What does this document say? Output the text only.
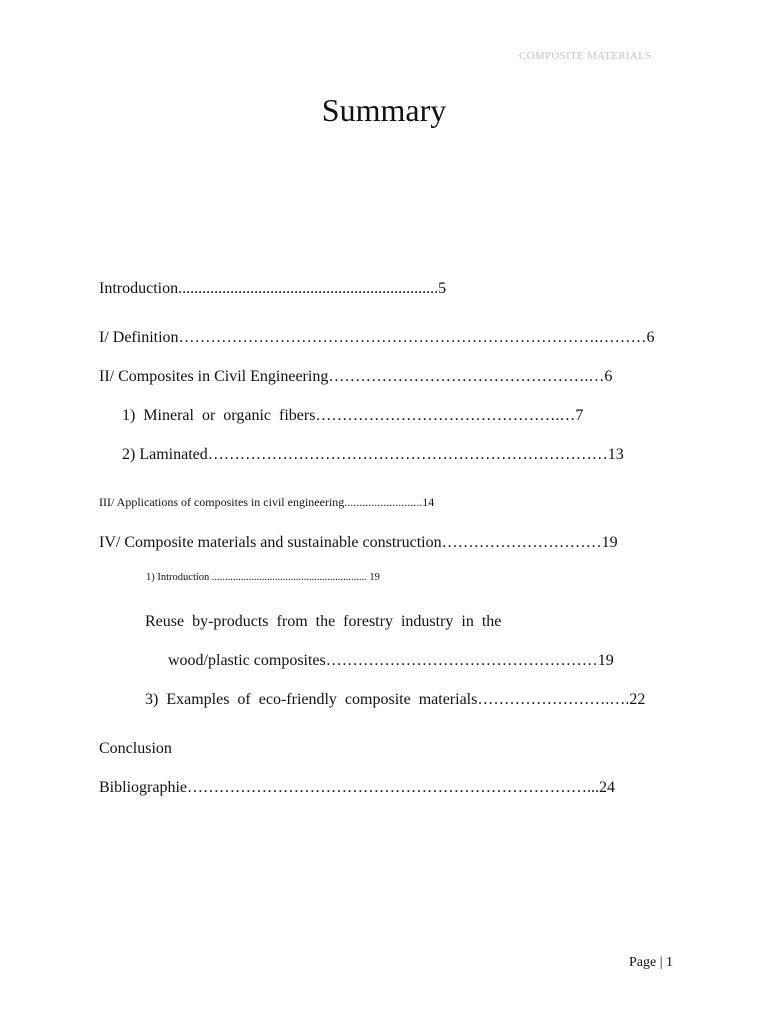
COMPOSITE MATERIALS
Summary
Introduction.................................................................5
I/ Definition…………………………………………………………………….………6
II/ Composites in Civil Engineering………………………………………….…6
1) Mineral or organic fibers……………………………………….…7
2) Laminated…………………………………………………………………13
III/ Applications of composites in civil engineering..........................14
IV/ Composite materials and sustainable construction…………………………19
1) Introduction ........................................................... 19
Reuse by-products from the forestry industry in the
wood/plastic composites……………………………………………19
3) Examples of eco-friendly composite materials…………………….….22
Conclusion
Bibliographie…………………………………………………………………...24
Page | 1
